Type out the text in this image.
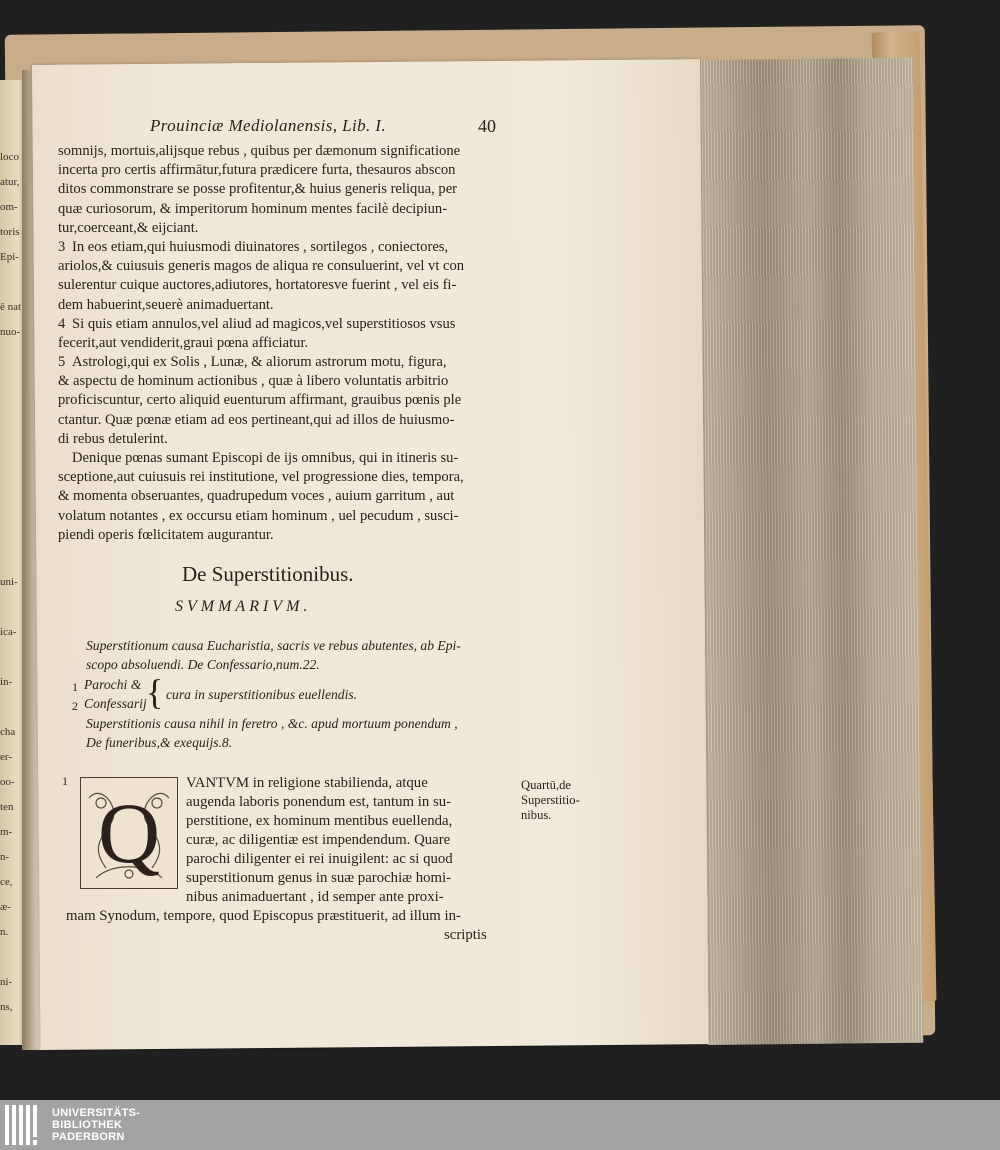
loco
atur,
om-
toris
Epi-

ē nat
nuo-

uni-

ica-

in-

cha
er-
oo-
ten
m-
n-
ce,
æ-
n.

ni-
ns,
Prouinciæ Mediolanensis, Lib. I.	40
somnijs, mortuis,alijsque rebus , quibus per dæmonum significatione
incerta pro certis affirmātur,futura prædicere furta, thesauros abscon
ditos commonstrare se posse profitentur,& huius generis reliqua, per
quæ curiosorum, & imperitorum hominum mentes facilè decipiun-
tur,coerceant,& eijciant.
3 In eos etiam,qui huiusmodi diuinatores , sortilegos , coniectores,
ariolos,& cuiusuis generis magos de aliqua re consuluerint, vel vt con
sulerentur cuique auctores,adiutores, hortatoresve fuerint , vel eis fi-
dem habuerint,seuerè animaduertant.
4 Si quis etiam annulos,vel aliud ad magicos,vel superstitiosos vsus
fecerit,aut vendiderit,graui pœna afficiatur.
5 Astrologi,qui ex Solis , Lunæ, & aliorum astrorum motu, figura,
& aspectu de hominum actionibus , quæ à libero voluntatis arbitrio
proficiscuntur, certo aliquid euenturum affirmant, grauibus pœnis ple
ctantur. Quæ pœnæ etiam ad eos pertineant,qui ad illos de huiusmo-
di rebus detulerint.
Denique pœnas sumant Episcopi de ijs omnibus, qui in itineris su-
sceptione,aut cuiusuis rei institutione, vel progressione dies, tempora,
& momenta obseruantes, quadrupedum voces , auium garritum , aut
volatum notantes , ex occursu etiam hominum , uel pecudum , susci-
piendi operis fœlicitatem augurantur.
De Superstitionibus.
SVMMARIVM.
Superstitionum causa Eucharistia, sacris ve rebus abutentes, ab Epi-
scopo absoluendi. De Confessario,num.22.
1 Parochi &
2 Confessarij { cura in superstitionibus euellendis.
Superstitionis causa nihil in feretro , &c. apud mortuum ponendum ,
De funeribus,& exequijs.8.
1
Q
VANTVM in religione stabilienda, atque
augenda laboris ponendum est, tantum in su-
perstitione, ex hominum mentibus euellenda,
curæ, ac diligentiæ est impendendum. Quare
parochi diligenter ei rei inuigilent: ac si quod
superstitionum genus in suæ parochiæ homi-
nibus animaduertant , id semper ante proxi-
mam Synodum, tempore, quod Episcopus præstituerit, ad illum in-
scriptis
Quartū,de
Superstitio-
nibus.
UNIVERSITÄTS-
BIBLIOTHEK
PADERBORN
